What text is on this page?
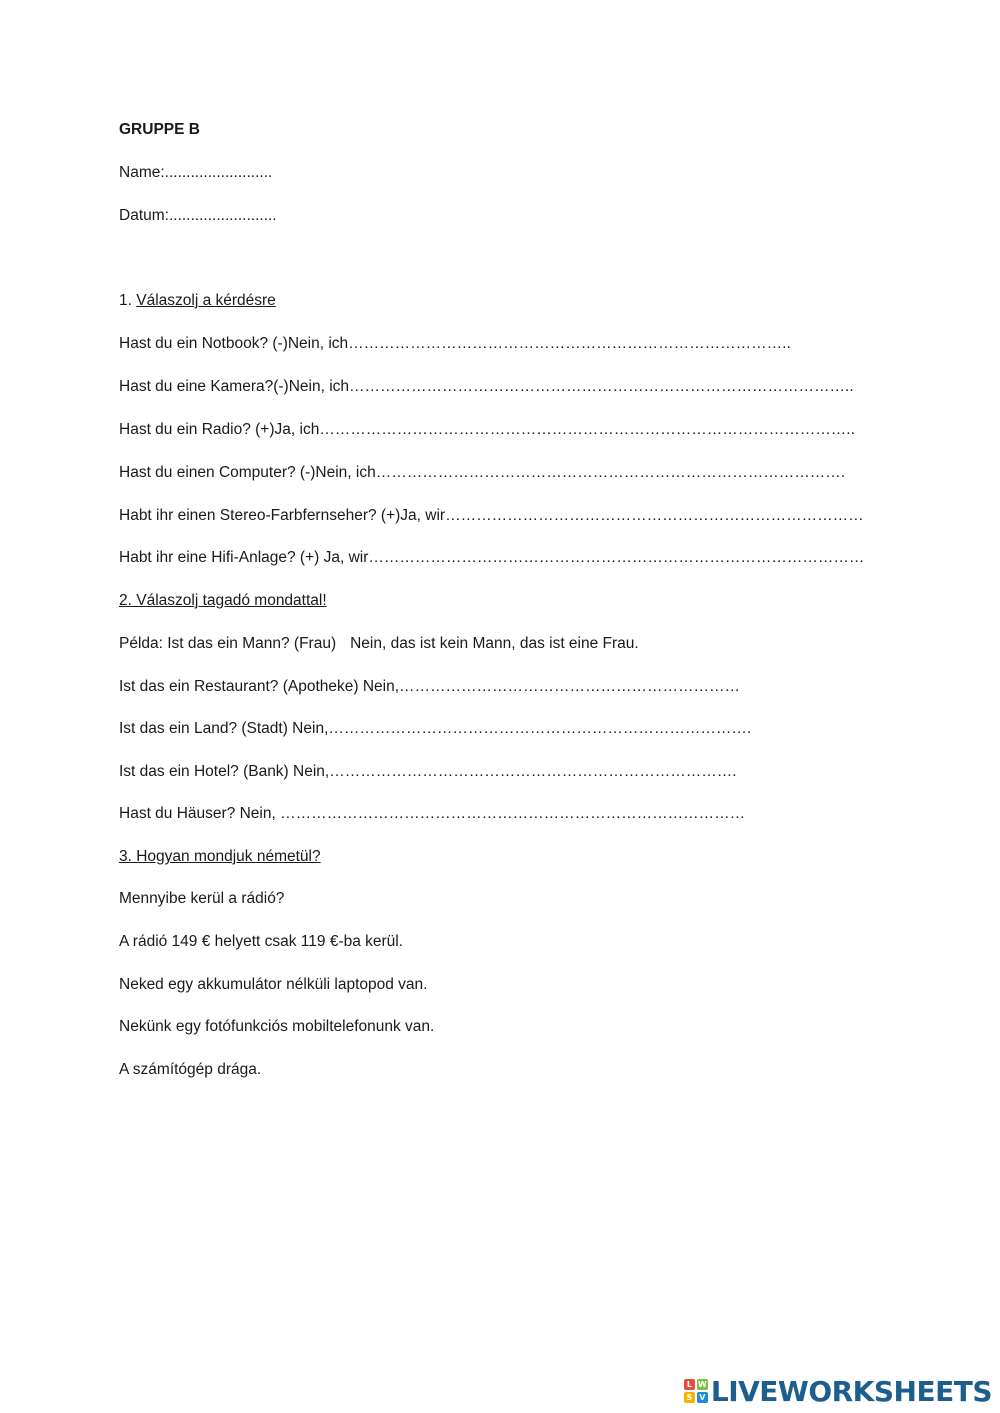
GRUPPE B
Name:.........................
Datum:.........................
1. Válaszolj a kérdésre
Hast du ein Notbook? (-)Nein, ich…………………………………………………………………………..
Hast du eine Kamera?(-)Nein, ich……………………………………………………………………………………..
Hast du ein Radio? (+)Ja, ich…………………………………………………………………………………………..
Hast du einen Computer? (-)Nein, ich……………………………………………………………………………….
Habt ihr einen Stereo-Farbfernseher? (+)Ja, wir………………………………………………………………………
Habt ihr eine Hifi-Anlage? (+) Ja, wir……………………………………………………………………………………
2. Válaszolj tagadó mondattal!
Példa: Ist das ein Mann? (Frau) Nein, das ist kein Mann, das ist eine Frau.
Ist das ein Restaurant? (Apotheke) Nein,…………………………………………………………
Ist das ein Land? (Stadt) Nein,……………………………………………………………………….
Ist das ein Hotel? (Bank) Nein,…………………………………………………………………….
Hast du Häuser? Nein, ………………………………………………………………………………
3. Hogyan mondjuk németül?
Mennyibe kerül a rádió?
A rádió 149 € helyett csak 119 €-ba kerül.
Neked egy akkumulátor nélküli laptopod van.
Nekünk egy fotófunkciós mobiltelefonunk van.
A számítógép drága.
L W
S V LIVEWORKSHEETS
